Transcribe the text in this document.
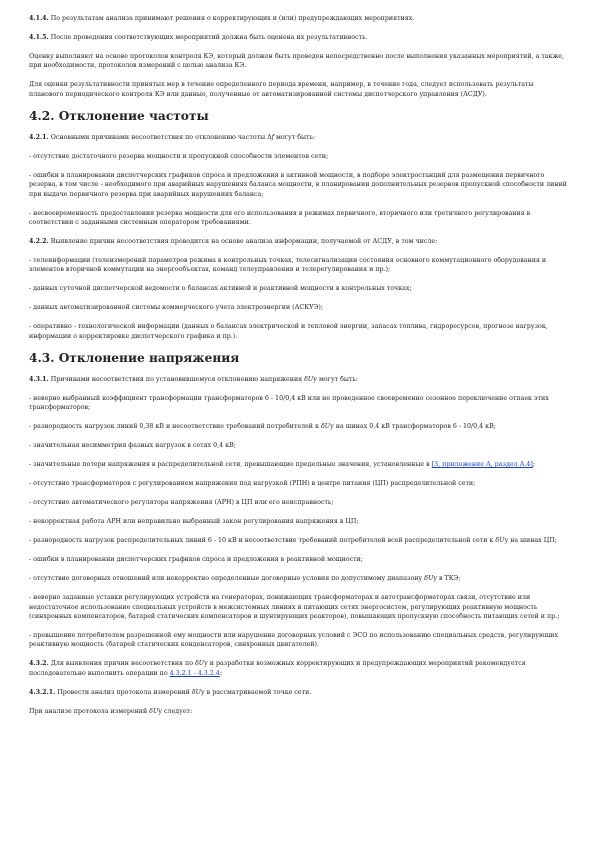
4.1.4. По результатам анализа принимают решения о корректирующих и (или) предупреждающих мероприятиях.

4.1.5. После проведения соответствующих мероприятий должна быть оценена их результативность.

Оценку выполняют на основе протоколов контроля КЭ, который должен быть проведен непосредственно после выполнения указанных мероприятий, а также, при необходимости, протоколов измерений с целью анализа КЭ.

Для оценки результативности принятых мер в течение определенного периода времени, например, в течение года, следует использовать результаты планового периодического контроля КЭ или данные, полученные от автоматизированной системы диспетчерского управления (АСДУ).

4.2. Отклонение частоты

4.2.1. Основными причинами несоответствия по отклонению частоты Δf могут быть:

- отсутствие достаточного резерва мощности и пропускной способности элементов сети;

- ошибки в планировании диспетчерских графиков спроса и предложения в активной мощности, в подборе электростанций для размещения первичного резерва, в том числе - необходимого при аварийных нарушениях баланса мощности, в планировании дополнительных резервов пропускной способности линий при выдаче первичного резерва при аварийных нарушениях баланса;

- несвоевременность предоставления резерва мощности для его использования в режимах первичного, вторичного или третичного регулирования в соответствии с заданными системным оператором требованиями.

4.2.2. Выявление причин несоответствия проводится на основе анализа информации, получаемой от АСДУ, в том числе:

- телеинформации (телеизмерений параметров режима в контрольных точках, телесигнализации состояния основного коммутационного оборудования и элементов вторичной коммутации на энергообъектах, команд телеуправления и телерегулирования и пр.);

- данных суточной диспетчерской ведомости о балансах активной и реактивной мощности в контрольных точках;

- данных автоматизированной системы коммерческого учета электроэнергии (АСКУЭ);

- оперативно - технологической информации (данных о балансах электрической и тепловой энергии, запасах топлива, гидроресурсов, прогнозе нагрузок, информации о корректировке диспетчерского графика и пр.).

4.3. Отклонение напряжения

4.3.1. Причинами несоответствия по установившемуся отклонению напряжения δUу могут быть:

- неверно выбранный коэффициент трансформации трансформаторов 6 - 10/0,4 кВ или не проведенное своевременно сезонное переключение отпаек этих трансформаторов;

- разнородность нагрузок линий 0,38 кВ и несоответствие требований потребителей к δUу на шинах 0,4 кВ трансформаторов 6 - 10/0,4 кВ;

- значительная несимметрия фазных нагрузок в сетях 0,4 кВ;

- значительные потери напряжения в распределительной сети, превышающие предельные значения, установленные в [3, приложение А, раздел А.4];

- отсутствие трансформаторов с регулированием напряжения под нагрузкой (РПН) в центре питания (ЦП) распределительной сети;

- отсутствие автоматического регулятора напряжения (АРН) в ЦП или его неисправность;

- некорректная работа АРН или неправильно выбранный закон регулирования напряжения в ЦП;

- разнородность нагрузок распределительных линий 6 - 10 кВ и несоответствие требований потребителей всей распределительной сети к δUу на шинах ЦП;

- ошибки в планировании диспетчерских графиков спроса и предложения в реактивной мощности;

- отсутствие договорных отношений или некорректно определенные договорные условия по допустимому диапазону δUу в ТКЭ;

- неверно заданные уставки регулирующих устройств на генераторах, понижающих трансформаторах и автотрансформаторах связи, отсутствие или недостаточное использование специальных устройств в межсистемных линиях и питающих сетях энергосистем, регулирующих реактивную мощность (синхронных компенсаторов, батарей статических компенсаторов и шунтирующих реакторов), повышающих пропускную способность питающих сетей и пр.;

- превышение потребителем разрешенной ему мощности или нарушение договорных условий с ЭСО по использованию специальных средств, регулирующих реактивную мощность (батарей статических конденсаторов, синхронных двигателей).

4.3.2. Для выявления причин несоответствия по δUу и разработки возможных корректирующих и предупреждающих мероприятий рекомендуется последовательно выполнить операции по 4.3.2.1 - 4.3.2.4:

4.3.2.1. Провести анализ протокола измерений δUу в рассматриваемой точке сети.

При анализе протокола измерений δUу следует:
